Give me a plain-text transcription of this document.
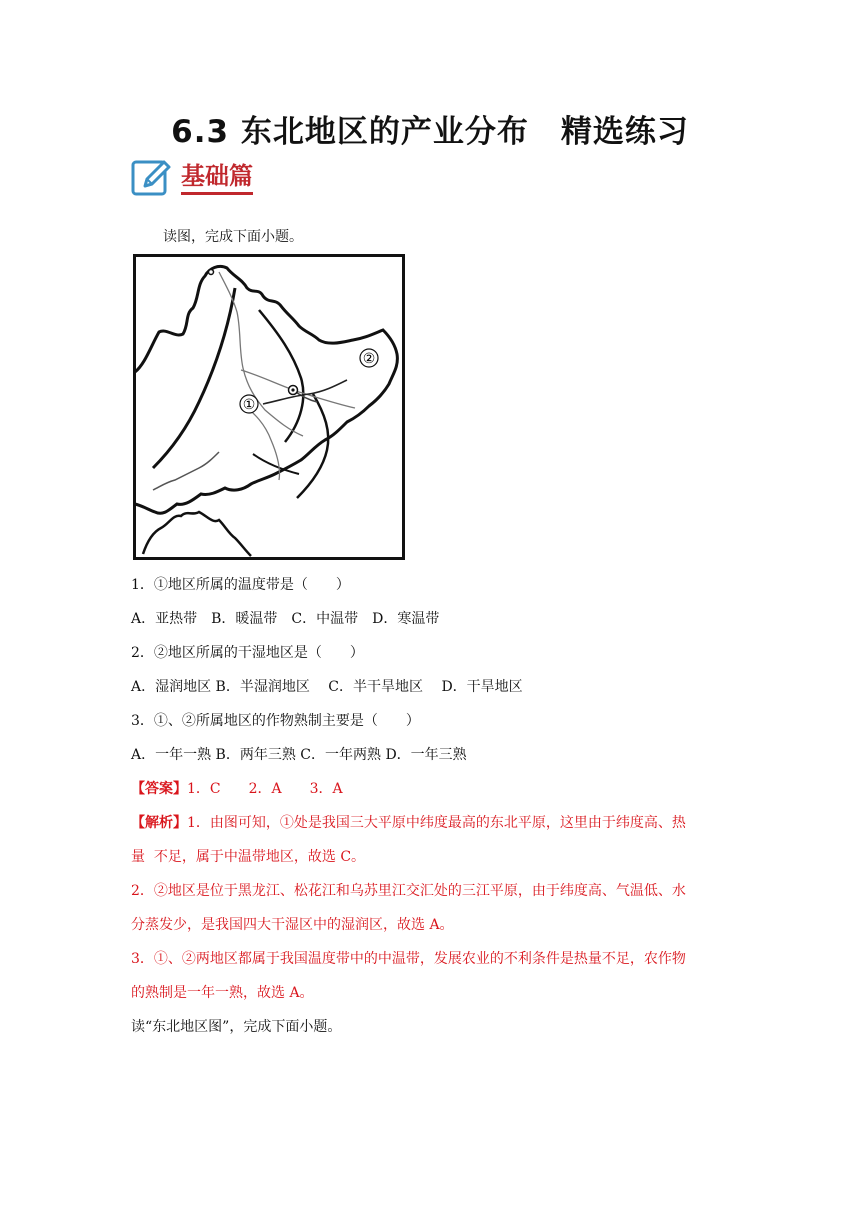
6.3 东北地区的产业分布　精选练习
基础篇
读图，完成下面小题。
①
②
1．①地区所属的温度带是（　　）
A．亚热带　B．暖温带　C．中温带　D．寒温带
2．②地区所属的干湿地区是（　　）
A．湿润地区 B．半湿润地区　 C．半干旱地区　 D．干旱地区
3．①、②所属地区的作物熟制主要是（　　）
A．一年一熟 B．两年三熟 C．一年两熟 D．一年三熟
【答案】1．C　　2．A　　3．A
【解析】1．由图可知，①处是我国三大平原中纬度最高的东北平原，这里由于纬度高、热
量  不足，属于中温带地区，故选 C。
2．②地区是位于黑龙江、松花江和乌苏里江交汇处的三江平原，由于纬度高、气温低、水
分蒸发少，是我国四大干湿区中的湿润区，故选 A。
3．①、②两地区都属于我国温度带中的中温带，发展农业的不利条件是热量不足，农作物
的熟制是一年一熟，故选 A。
读“东北地区图”，完成下面小题。
